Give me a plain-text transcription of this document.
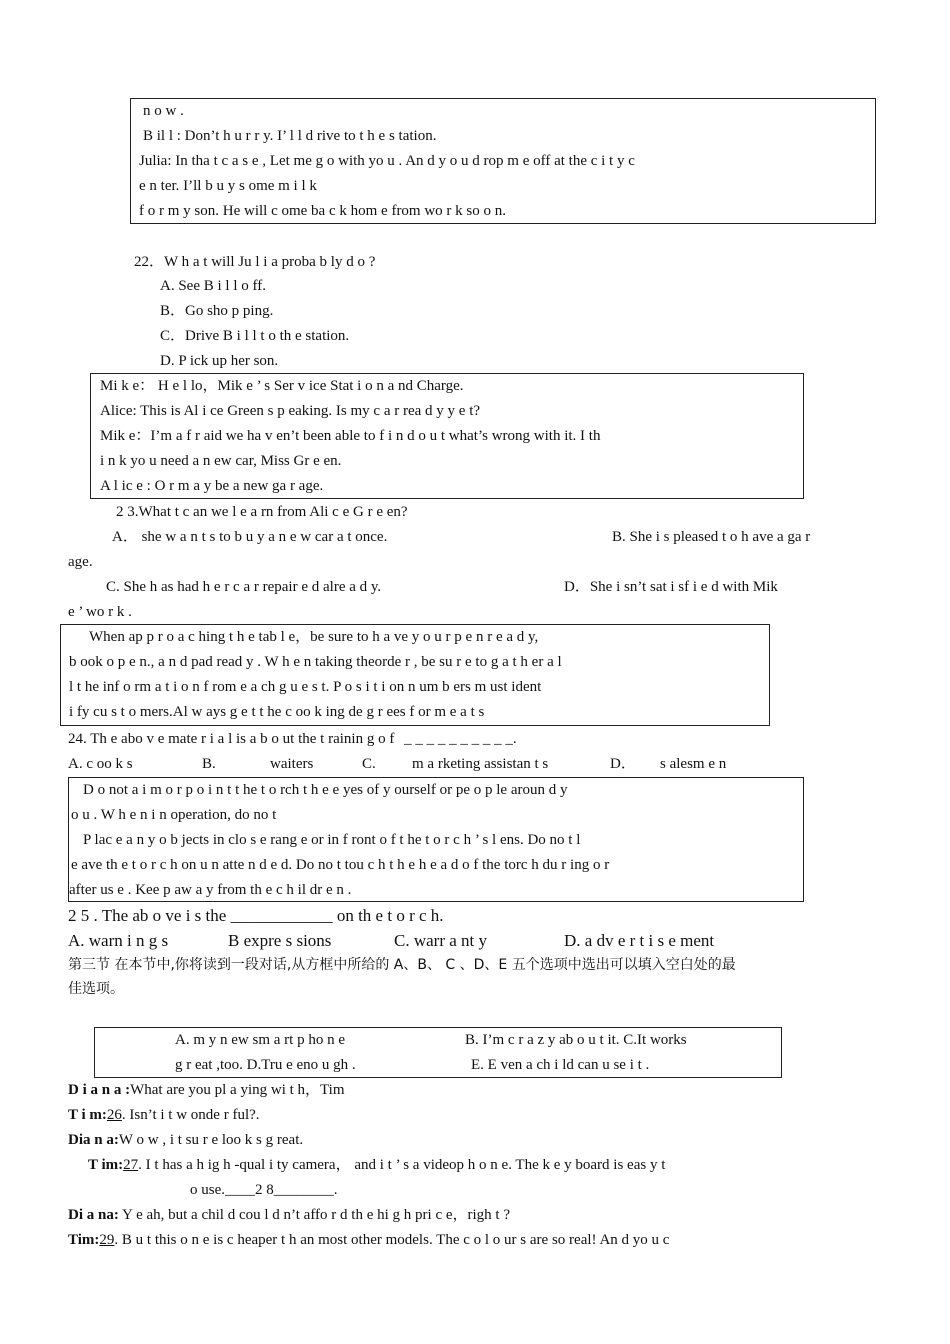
n o w .
B il l : Don’t h u r r y. I’ l l d rive to t h e s tation.
Julia: In tha t c a s e , Let me g o with yo u . An d y o u d rop m e off at the c i t y c
e n ter. I’ll b u y s ome m i l k
f o r m y son. He will c ome ba c k hom e from wo r k so o n.
22．W h a t will Ju l i a proba b ly d o ?
A. See B i l l o ff.
B．Go sho p ping.
C．Drive B i l l t o th e station.
D. P ick up her son.
Mi k e： H e l lo，Mik e ’ s Ser v ice Stat i o n a nd Charge.
Alice: This is Al i ce Green s p eaking. Is my c a r rea d y y e t?
Mik e：I’m a f r aid we ha v en’t been able to f i n d o u t what’s wrong with it. I th
i n k yo u need a n ew car, Miss Gr e en.
A l ic e : O r m a y be a new ga r age.
2 3.What t c an we l e a rn from Ali c e G r e en?
A． she w a n t s to b u y a n e w car a t once.	B. She i s pleased t o h ave a ga r
age.
C. She h as had h e r c a r repair e d alre a d y.	D．She i sn’t sat i sf i e d with Mik
e ’ wo r k .
When ap p r o a c hing t h e tab l e，be sure to h a ve y o u r p e n r e a d y,
b ook o p e n., a n d pad read y . W h e n taking theorde r , be su r e to g a t h er a l
l t he inf o rm a t i o n f rom e a ch g u e s t. P o s i t i on n um b ers m ust ident
i fy cu s t o mers.Al w ays g e t t he c oo k ing de g r ees f or m e a t s
24. Th e abo v e mate r i a l is a b o ut the t rainin g o f _ _ _ _ _ _ _ _ _ _.
A. c oo k s	B.	waiters	C. m a rketing assistan t s	D． s alesm e n
D o not a i m o r p o i n t t he t o rch t h e e yes of y ourself or pe o p le aroun d y
o u . W h e n i n operation, do no t
P lac e a n y o b jects in clo s e rang e or in f ront o f t he t o r c h ’ s l ens. Do no t l
e ave th e t o r c h on u n atte n d e d. Do no t tou c h t h e h e a d o f the torc h du r ing o r
after us e . Kee p aw a y from th e c h il dr e n .
2 5 . The ab o ve i s the ____________ on th e t o r c h.
A. warn i n g s	B expre s sions	C. warr a nt y	D. a dv e r t i s e ment
第三节 在本节中,你将读到一段对话,从方框中所给的 A、B、 C 、D、E 五个选项中选出可以填入空白处的最
佳选项。
A. m y n ew sm a rt p ho n e	B. I’m c r a z y ab o u t it. C.It works
g r eat ,too. D.Tru e eno u gh .	E. E ven a ch i ld can u se i t .
D i a n a :What are you pl a ying wi t h，Tim
T i m:26. Isn’t i t w onde r ful?.
Dia n a:W o w , i t su r e loo k s g reat.
T im:27. I t has a h ig h -qual i ty camera， and i t ’ s a videop h o n e. The k e y board is eas y t
o use.____2 8________.
Di a na: Y e ah, but a chil d cou l d n’t affo r d th e hi g h pri c e，righ t ?
Tim:29. B u t this o n e is c heaper t h an most other models. The c o l o ur s are so real! An d yo u c
